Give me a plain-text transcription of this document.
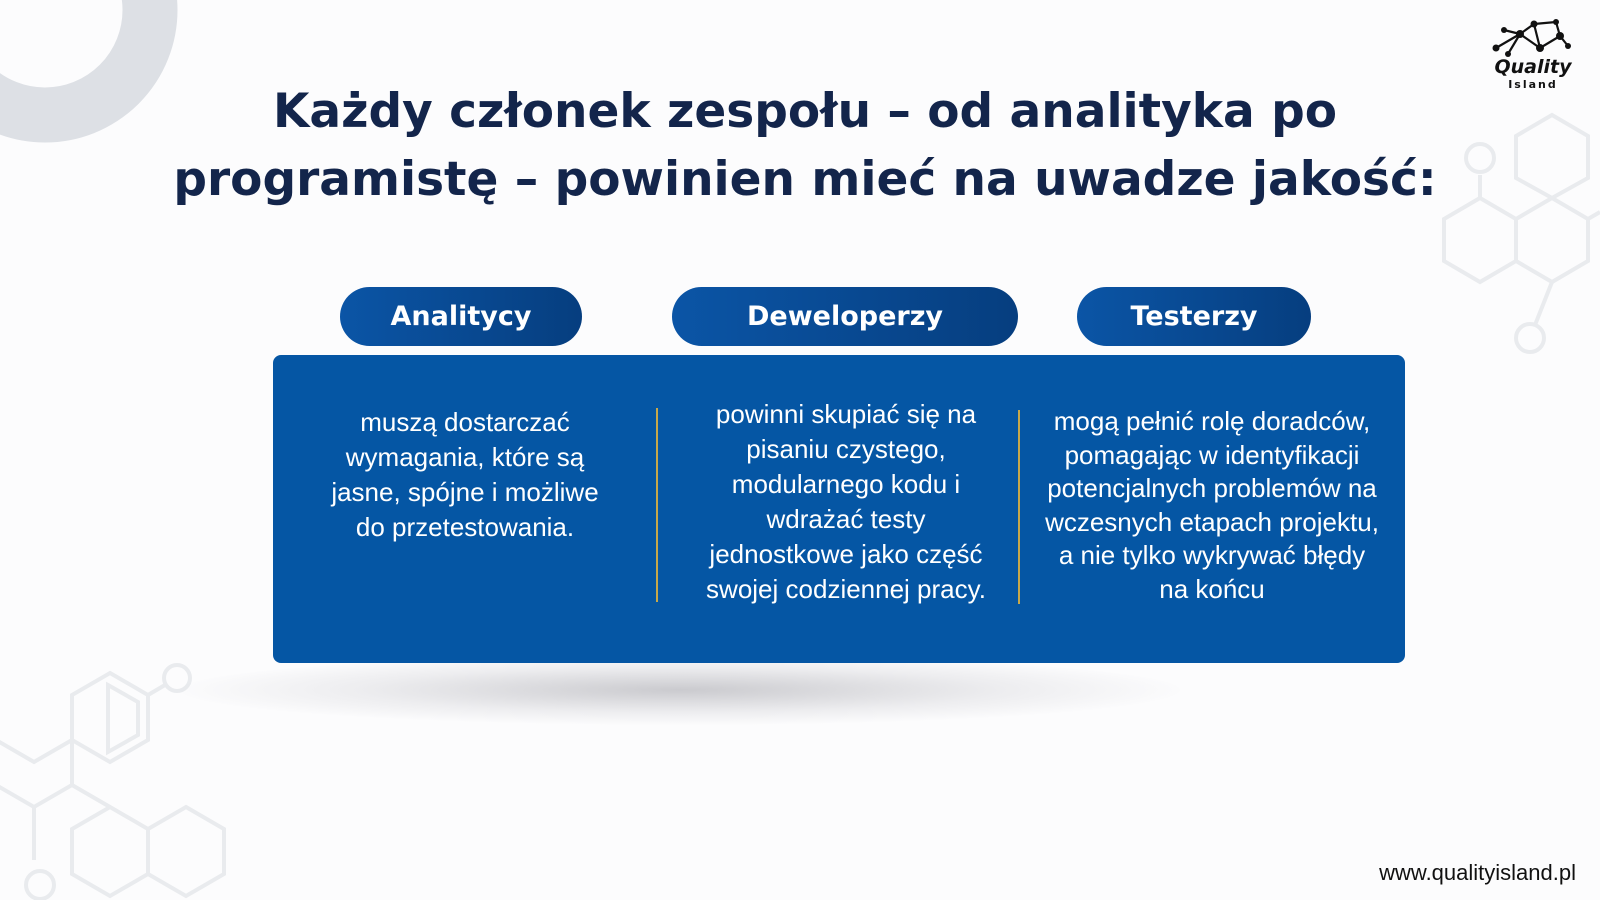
Quality
Island
Każdy członek zespołu – od analityka po
programistę – powinien mieć na uwadze jakość:
Analitycy	Deweloperzy	Testerzy
muszą dostarczać wymagania, które są jasne, spójne i możliwe do przetestowania.
powinni skupiać się na pisaniu czystego, modularnego kodu i wdrażać testy jednostkowe jako część swojej codziennej pracy.
mogą pełnić rolę doradców, pomagając w identyfikacji potencjalnych problemów na wczesnych etapach projektu, a nie tylko wykrywać błędy na końcu
www.qualityisland.pl
